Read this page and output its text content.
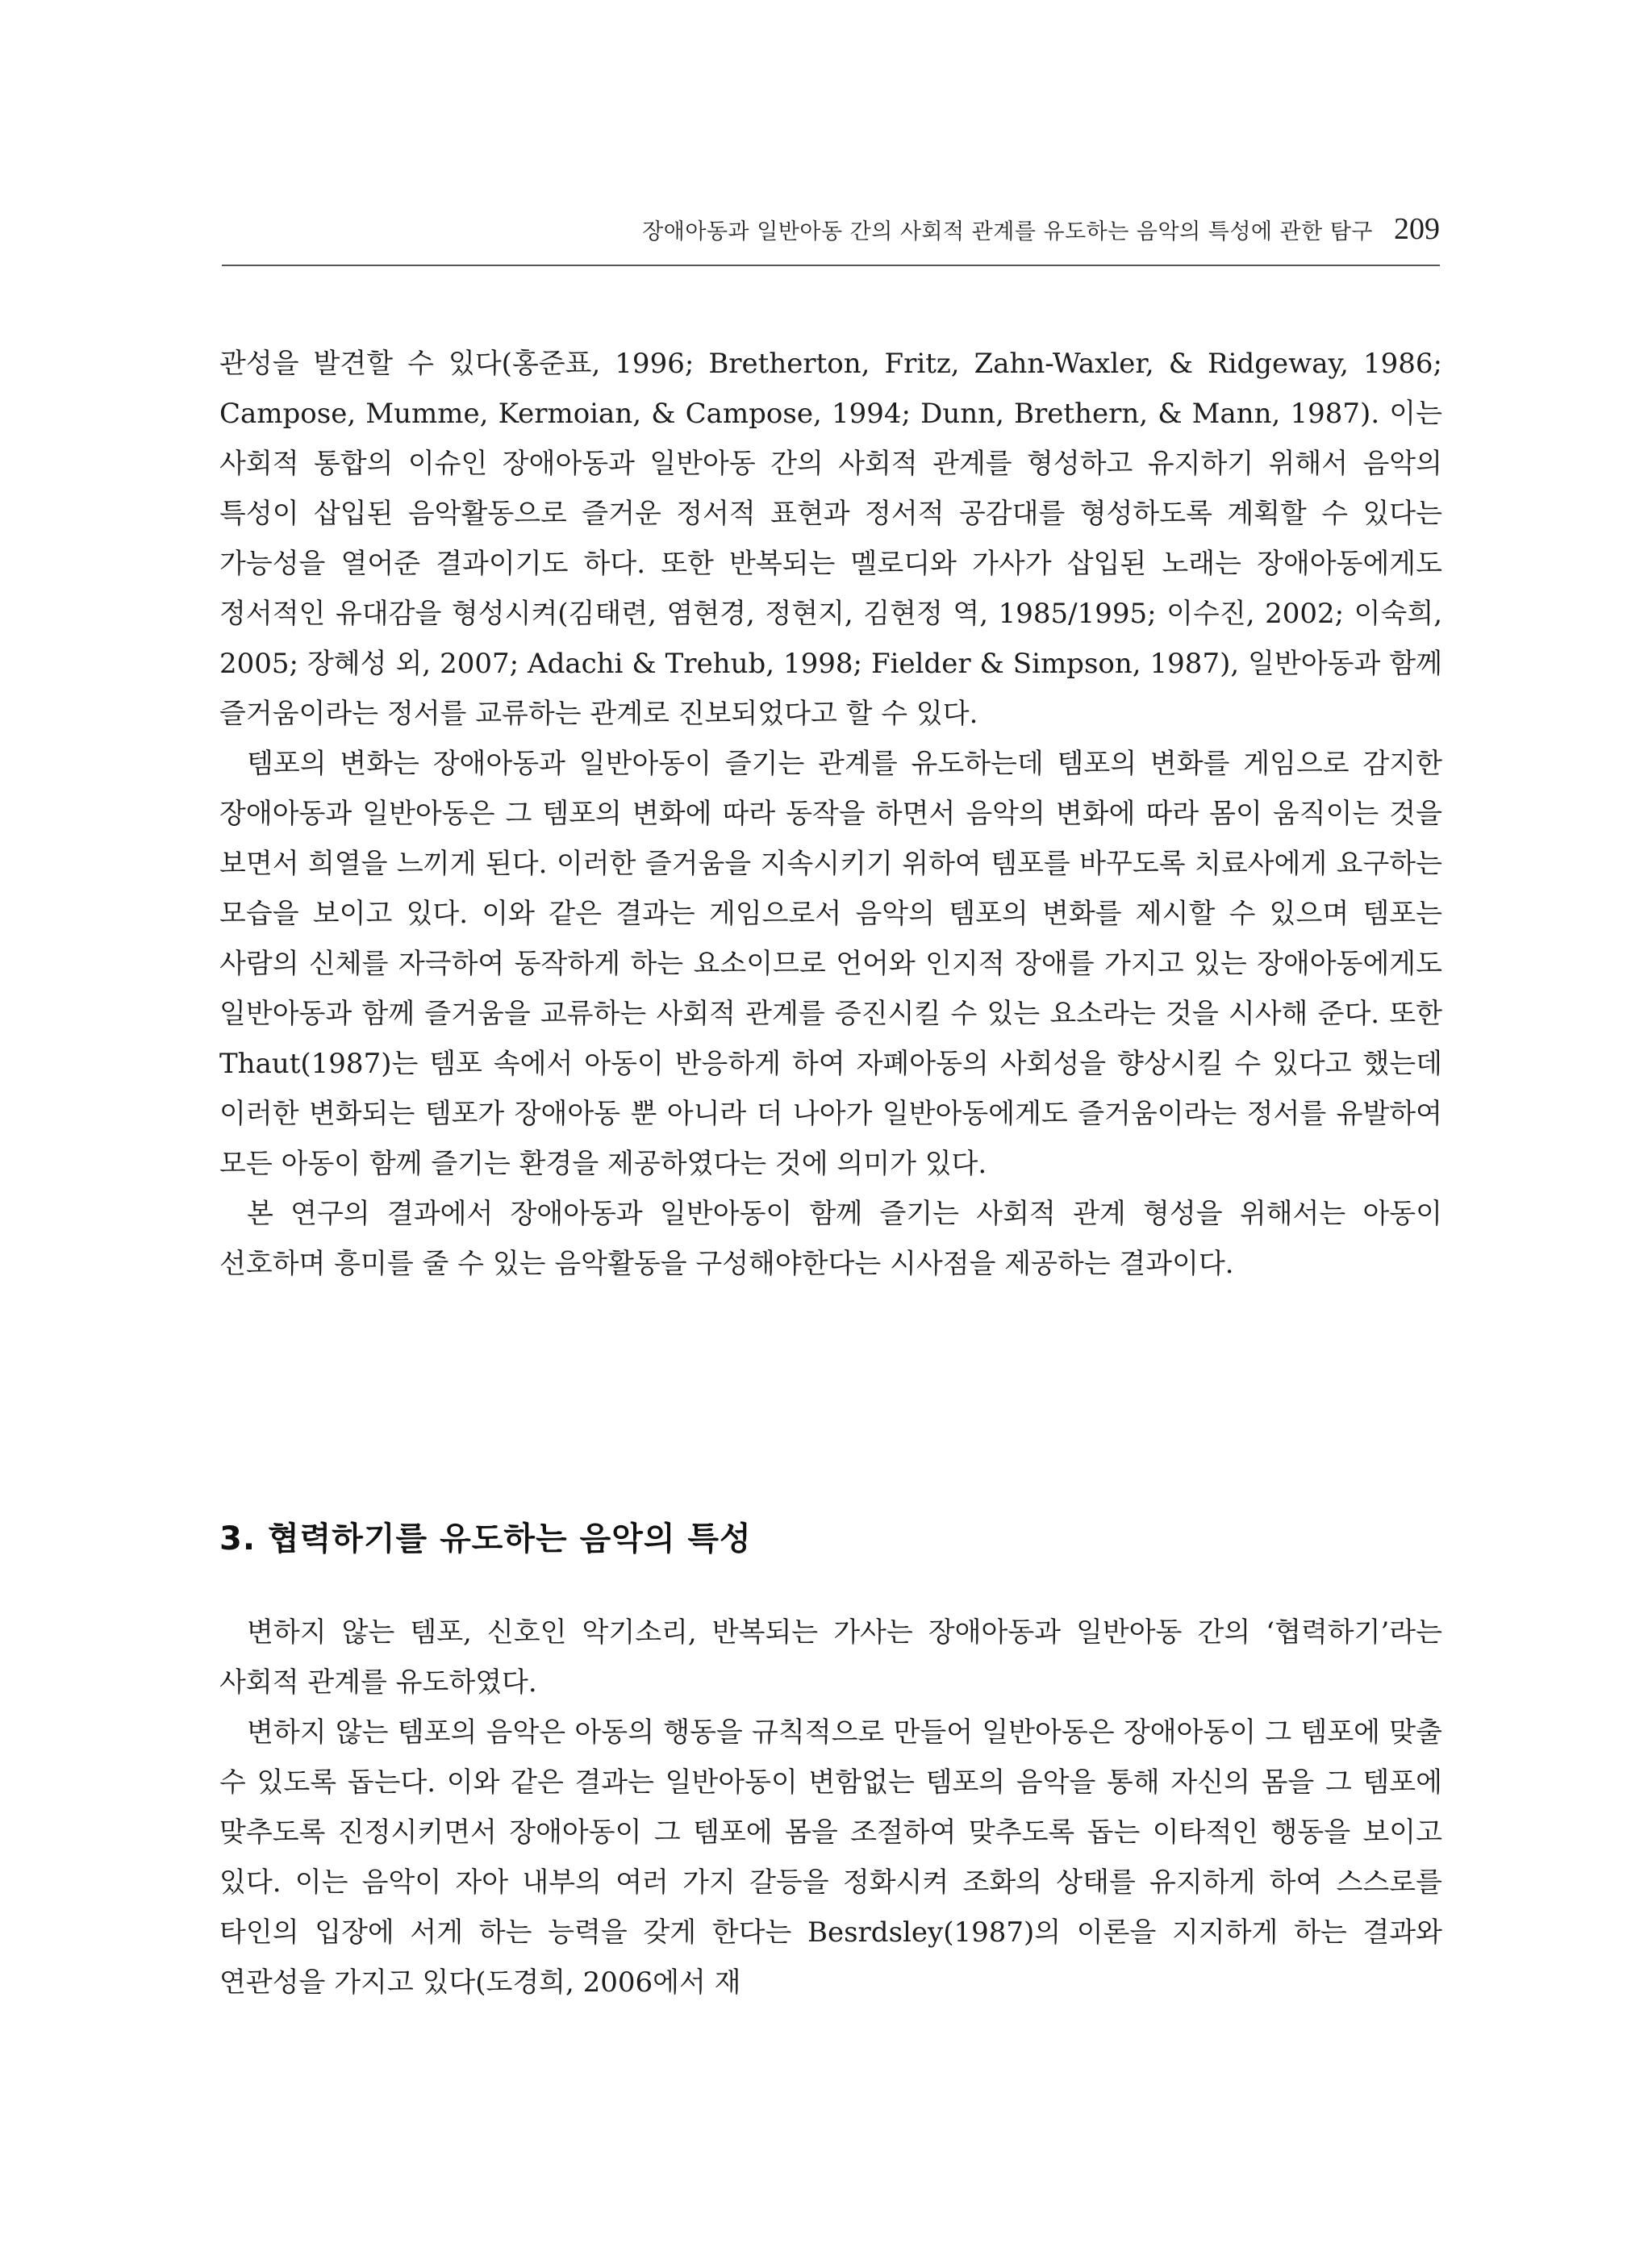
장애아동과 일반아동 간의 사회적 관계를 유도하는 음악의 특성에 관한 탐구 209

관성을 발견할 수 있다(홍준표, 1996; Bretherton, Fritz, Zahn-Waxler, & Ridgeway, 1986; Campose, Mumme, Kermoian, & Campose, 1994; Dunn, Brethern, & Mann, 1987). 이는 사회적 통합의 이슈인 장애아동과 일반아동 간의 사회적 관계를 형성하고 유지하기 위해서 음악의 특성이 삽입된 음악활동으로 즐거운 정서적 표현과 정서적 공감대를 형성하도록 계획할 수 있다는 가능성을 열어준 결과이기도 하다. 또한 반복되는 멜로디와 가사가 삽입된 노래는 장애아동에게도 정서적인 유대감을 형성시켜(김태련, 염현경, 정현지, 김현정 역, 1985/1995; 이수진, 2002; 이숙희, 2005; 장혜성 외, 2007; Adachi & Trehub, 1998; Fielder & Simpson, 1987), 일반아동과 함께 즐거움이라는 정서를 교류하는 관계로 진보되었다고 할 수 있다.

템포의 변화는 장애아동과 일반아동이 즐기는 관계를 유도하는데 템포의 변화를 게임으로 감지한 장애아동과 일반아동은 그 템포의 변화에 따라 동작을 하면서 음악의 변화에 따라 몸이 움직이는 것을 보면서 희열을 느끼게 된다. 이러한 즐거움을 지속시키기 위하여 템포를 바꾸도록 치료사에게 요구하는 모습을 보이고 있다. 이와 같은 결과는 게임으로서 음악의 템포의 변화를 제시할 수 있으며 템포는 사람의 신체를 자극하여 동작하게 하는 요소이므로 언어와 인지적 장애를 가지고 있는 장애아동에게도 일반아동과 함께 즐거움을 교류하는 사회적 관계를 증진시킬 수 있는 요소라는 것을 시사해 준다. 또한 Thaut(1987)는 템포 속에서 아동이 반응하게 하여 자폐아동의 사회성을 향상시킬 수 있다고 했는데 이러한 변화되는 템포가 장애아동 뿐 아니라 더 나아가 일반아동에게도 즐거움이라는 정서를 유발하여 모든 아동이 함께 즐기는 환경을 제공하였다는 것에 의미가 있다.

본 연구의 결과에서 장애아동과 일반아동이 함께 즐기는 사회적 관계 형성을 위해서는 아동이 선호하며 흥미를 줄 수 있는 음악활동을 구성해야한다는 시사점을 제공하는 결과이다.

3. 협력하기를 유도하는 음악의 특성

변하지 않는 템포, 신호인 악기소리, 반복되는 가사는 장애아동과 일반아동 간의 ‘협력하기’라는 사회적 관계를 유도하였다.

변하지 않는 템포의 음악은 아동의 행동을 규칙적으로 만들어 일반아동은 장애아동이 그 템포에 맞출 수 있도록 돕는다. 이와 같은 결과는 일반아동이 변함없는 템포의 음악을 통해 자신의 몸을 그 템포에 맞추도록 진정시키면서 장애아동이 그 템포에 몸을 조절하여 맞추도록 돕는 이타적인 행동을 보이고 있다. 이는 음악이 자아 내부의 여러 가지 갈등을 정화시켜 조화의 상태를 유지하게 하여 스스로를 타인의 입장에 서게 하는 능력을 갖게 한다는 Besrdsley(1987)의 이론을 지지하게 하는 결과와 연관성을 가지고 있다(도경희, 2006에서 재
